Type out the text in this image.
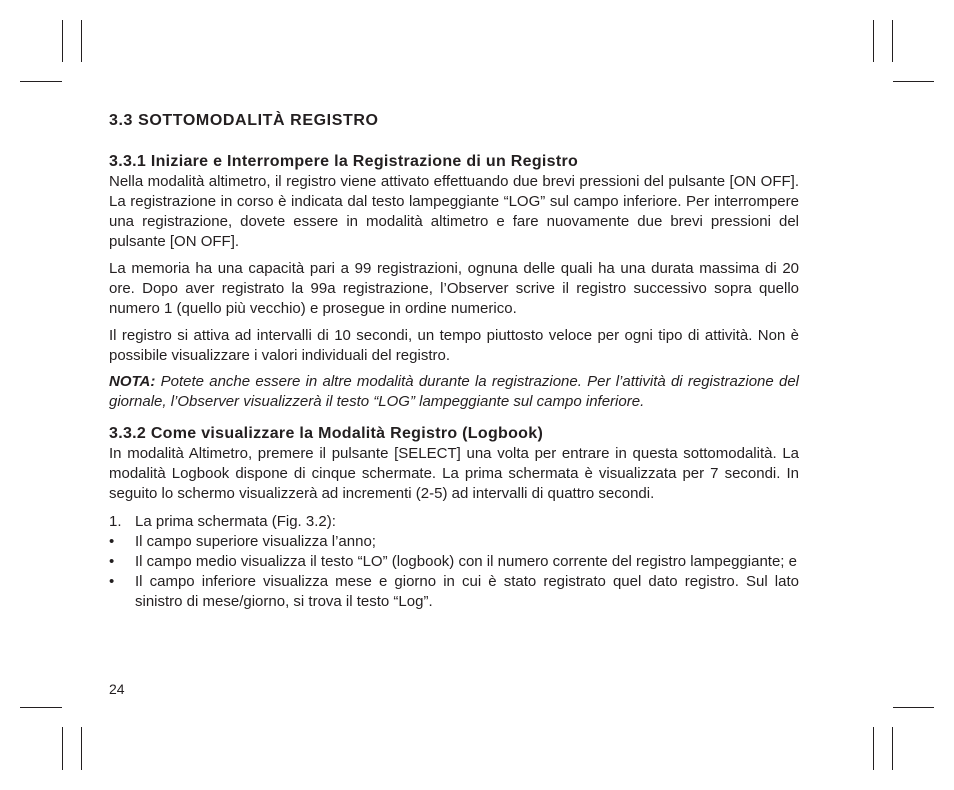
3.3 SOTTOMODALITÀ REGISTRO
3.3.1 Iniziare e Interrompere la Registrazione di un Registro

Nella modalità altimetro, il registro viene attivato effettuando due brevi pressioni del pulsante [ON OFF]. La registrazione in corso è indicata dal testo lampeggiante “LOG” sul campo inferiore. Per interrompere una registrazione, dovete essere in modalità altimetro e fare nuovamente due brevi pressioni del pulsante [ON OFF].

La memoria ha una capacità pari a 99 registrazioni, ognuna delle quali ha una durata massima di 20 ore. Dopo aver registrato la 99a registrazione, l’Observer scrive il registro successivo sopra quello numero 1 (quello più vecchio) e prosegue in ordine numerico.

Il registro si attiva ad intervalli di 10 secondi, un tempo piuttosto veloce per ogni tipo di attività. Non è possibile visualizzare i valori individuali del registro.

NOTA: Potete anche essere in altre modalità durante la registrazione. Per l’attività di registrazione del giornale, l’Observer visualizzerà il testo “LOG” lampeggiante sul campo inferiore.

3.3.2 Come visualizzare la Modalità Registro (Logbook)

In modalità Altimetro, premere il pulsante [SELECT] una volta per entrare in questa sottomodalità. La modalità Logbook dispone di cinque schermate. La prima schermata è visualizzata per 7 secondi. In seguito lo schermo visualizzerà ad incrementi (2-5) ad intervalli di quattro secondi.

1. La prima schermata (Fig. 3.2):
• Il campo superiore visualizza l’anno;
• Il campo medio visualizza il testo “LO” (logbook) con il numero corrente del registro lampeggiante; e
• Il campo inferiore visualizza mese e giorno in cui è stato registrato quel dato registro. Sul lato sinistro di mese/giorno, si trova il testo “Log”.
24
